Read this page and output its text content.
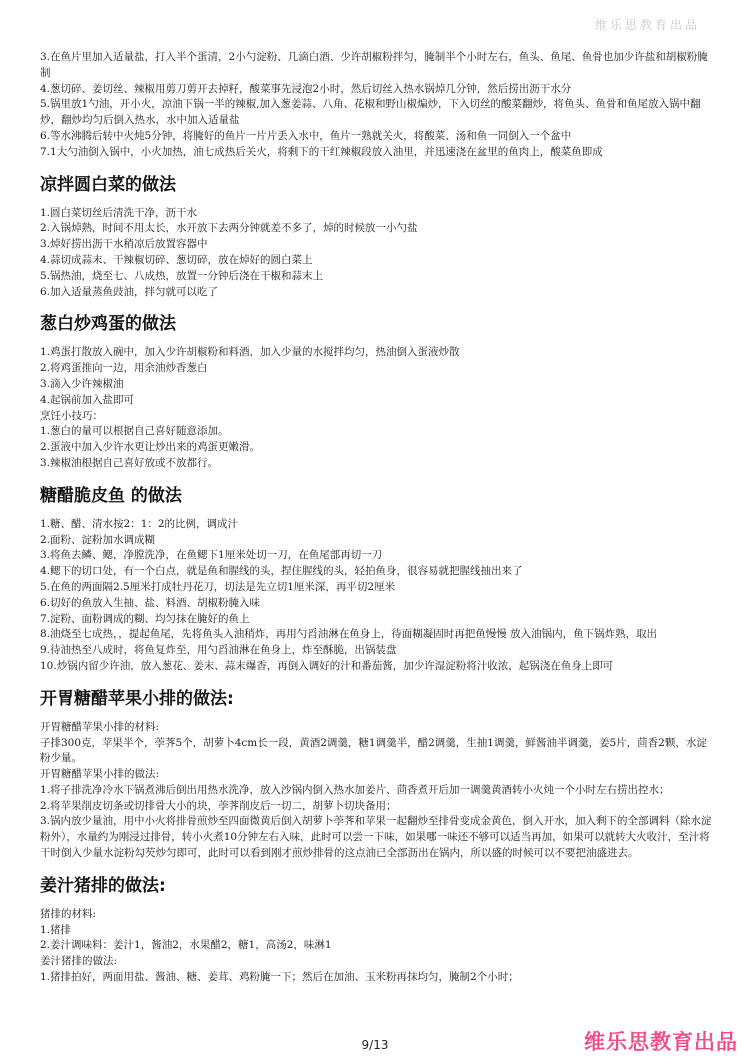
维乐思教育出品

3.在鱼片里加入适量盐，打入半个蛋清，2小勺淀粉、几滴白酒、少许胡椒粉拌匀，腌制半个小时左右，鱼头、鱼尾、鱼骨也加少许盐和胡椒粉腌制

4.葱切碎、姜切丝、辣椒用剪刀剪开去掉籽，酸菜事先浸泡2小时，然后切丝入热水锅焯几分钟，然后捞出沥干水分

5.锅里放1勺油，开小火，凉油下锅一半的辣椒,加入葱姜蒜、八角、花椒和野山椒煸炒，下入切丝的酸菜翻炒，将鱼头、鱼骨和鱼尾放入锅中翻炒，翻炒均匀后倒入热水，水中加入适量盐

6.等水沸腾后转中火炖5分钟，将腌好的鱼片一片片丢入水中，鱼片一熟就关火，将酸菜、汤和鱼一同倒入一个盆中

7.1大勺油倒入锅中，小火加热，油七成热后关火，将剩下的干红辣椒段放入油里，并迅速浇在盆里的鱼肉上，酸菜鱼即成

凉拌圆白菜的做法

1.圆白菜切丝后清洗干净，沥干水

2.入锅焯熟，时间不用太长，水开放下去两分钟就差不多了，焯的时候放一小勺盐

3.焯好捞出沥干水稍凉后放置容器中

4.蒜切成蒜末、干辣椒切碎、葱切碎，放在焯好的圆白菜上

5.锅热油，烧至七、八成热，放置一分钟后浇在干椒和蒜末上

6.加入适量蒸鱼豉油，拌匀就可以吃了

葱白炒鸡蛋的做法

1.鸡蛋打散放入碗中，加入少许胡椒粉和料酒，加入少量的水搅拌均匀，热油倒入蛋液炒散

2.将鸡蛋推向一边，用余油炒香葱白

3.滴入少许辣椒油

4.起锅前加入盐即可

烹饪小技巧：

1.葱白的量可以根据自己喜好随意添加。

2.蛋液中加入少许水更让炒出来的鸡蛋更嫩滑。

3.辣椒油根据自己喜好放或不放都行。

糖醋脆皮鱼 的做法

1.糖、醋、清水按2：1：2的比例，调成汁

2.面粉、淀粉加水调成糊

3.将鱼去鳞、鳃，净膛洗净，在鱼鳃下1厘米处切一刀，在鱼尾部再切一刀

4.鳃下的切口处，有一个白点，就是鱼和腥线的头，捏住腥线的头，轻拍鱼身，很容易就把腥线抽出来了

5.在鱼的两面隔2.5厘米打成牡丹花刀，切法是先立切1厘米深，再平切2厘米

6.切好的鱼放入生抽、盐、料酒、胡椒粉腌入味

7.淀粉、面粉调成的糊、均匀抹在腌好的鱼上

8.油烧至七成热，，提起鱼尾，先将鱼头入油稍炸，再用勺舀油淋在鱼身上，待面糊凝固时再把鱼慢慢 放入油锅内，鱼下锅炸熟，取出

9.待油热至八成时，将鱼复炸至，用勺舀油淋在鱼身上，炸至酥脆，出锅装盘

10.炒锅内留少许油，放入葱花、姜末、蒜末爆香，再倒入调好的汁和番茄酱，加少许湿淀粉将汁收浓，起锅浇在鱼身上即可

开胃糖醋苹果小排的做法:

开胃糖醋苹果小排的材料:

子排300克，苹果半个，荸荠5个，胡萝卜4cm长一段，黄酒2调羹，糖1调羹半，醋2调羹，生抽1调羹，鲜酱油半调羹，姜5片，茴香2颗，水淀粉少量。

开胃糖醋苹果小排的做法:

1.将子排洗净冷水下锅煮沸后倒出用热水洗净，放入沙锅内倒入热水加姜片、茴香煮开后加一调羹黄酒转小火炖一个小时左右捞出控水；

2.将苹果削皮切条或切排骨大小的块，荸荠削皮后一切二，胡萝卜切块备用；

3.锅内放少量油，用中小火将排骨煎炒至四面微黄后倒入胡萝卜荸荠和苹果一起翻炒至排骨变成金黄色，倒入开水，加入剩下的全部调料（除水淀粉外），水量约为刚浸过排骨，转小火煮10分钟左右入味，此时可以尝一下味，如果哪一味还不够可以适当再加，如果可以就转大火收汁，至汁将干时倒入少量水淀粉勾芡炒匀即可，此时可以看到刚才煎炒排骨的这点油已全部沥出在锅内，所以盛的时候可以不要把油盛进去。

姜汁猪排的做法:

猪排的材料:

1.猪排

2.姜汁调味料：姜汁1，酱油2，水果醋2，糖1，高汤2，味淋1

姜汁猪排的做法:

1.猪排拍好，两面用盐、酱油、糖、姜茸、鸡粉腌一下；然后在加油、玉米粉再抹均匀，腌制2个小时；

9/13	维乐思教育出品
